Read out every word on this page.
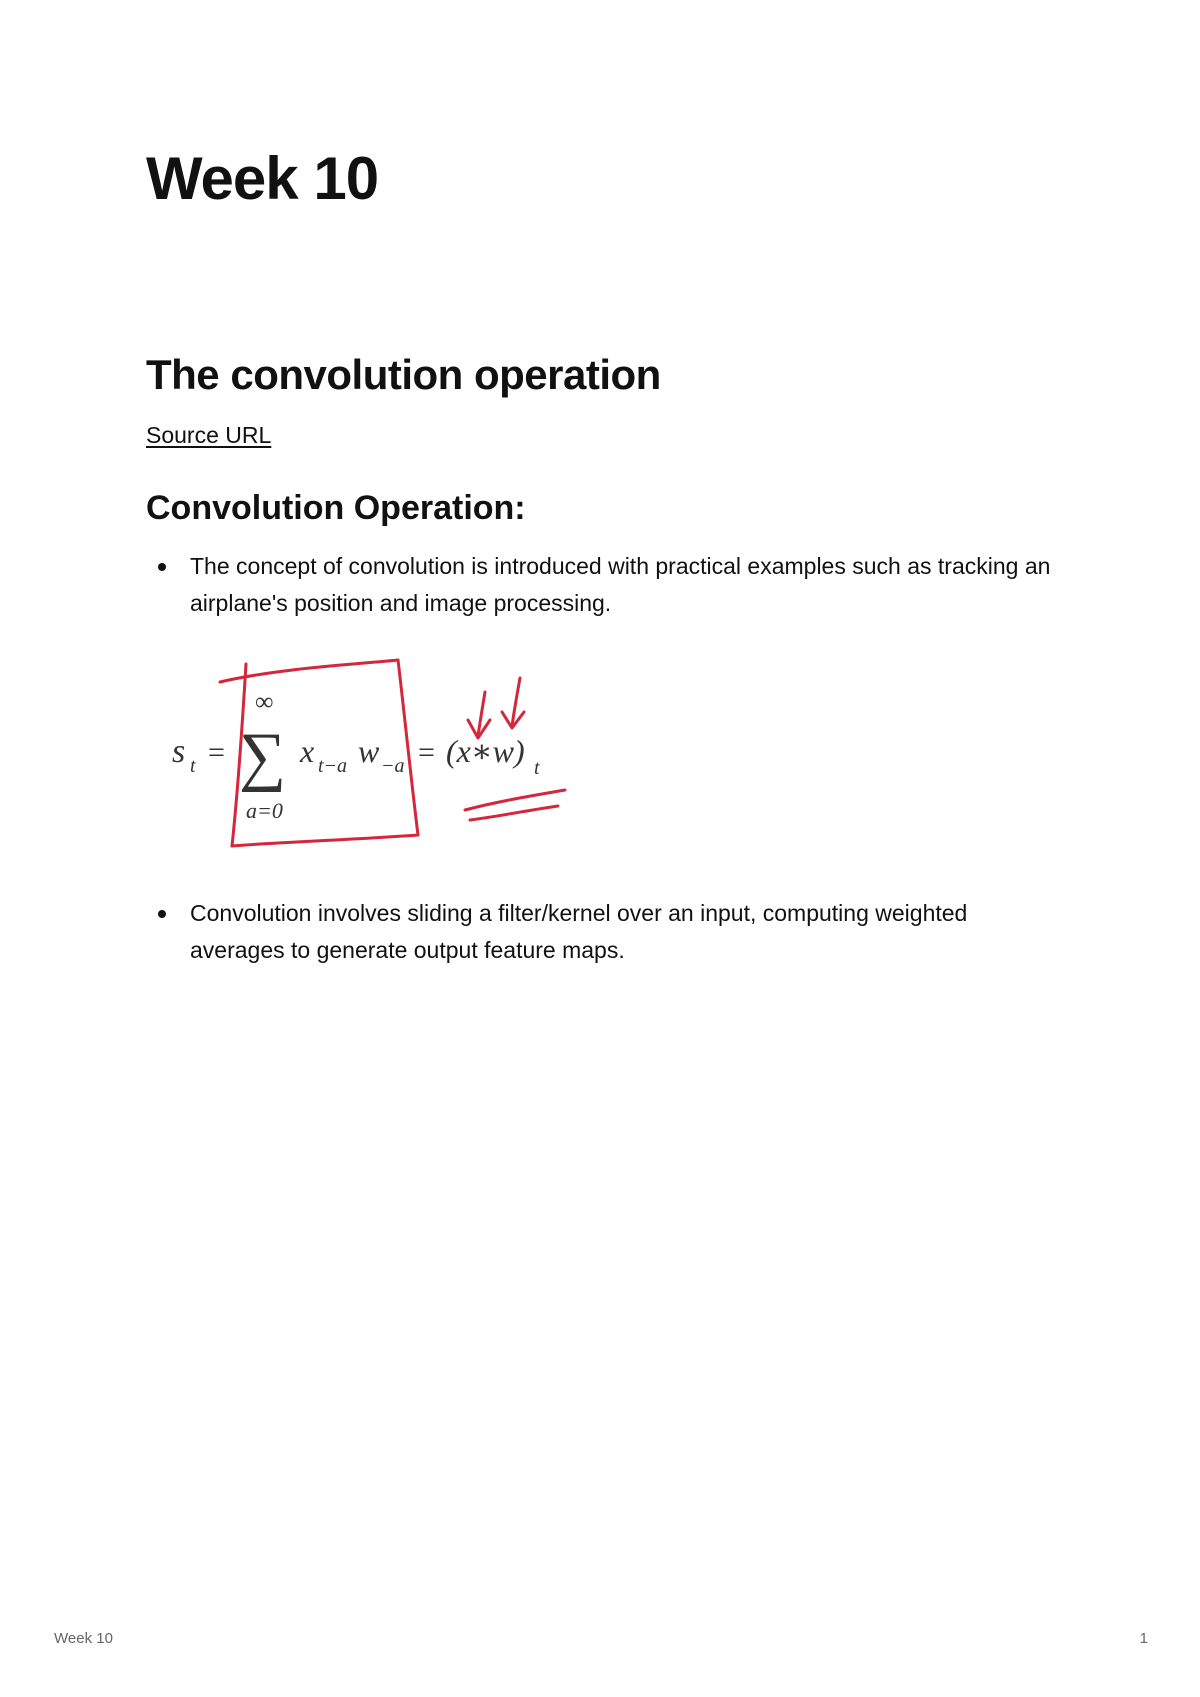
Week 10
The convolution operation
Source URL
Convolution Operation:
The concept of convolution is introduced with practical examples such as tracking an airplane's position and image processing.
s t = ∑
∞
a=0
x t−a w −a = (x∗w) t
Convolution involves sliding a filter/kernel over an input, computing weighted averages to generate output feature maps.
Week 10	1
